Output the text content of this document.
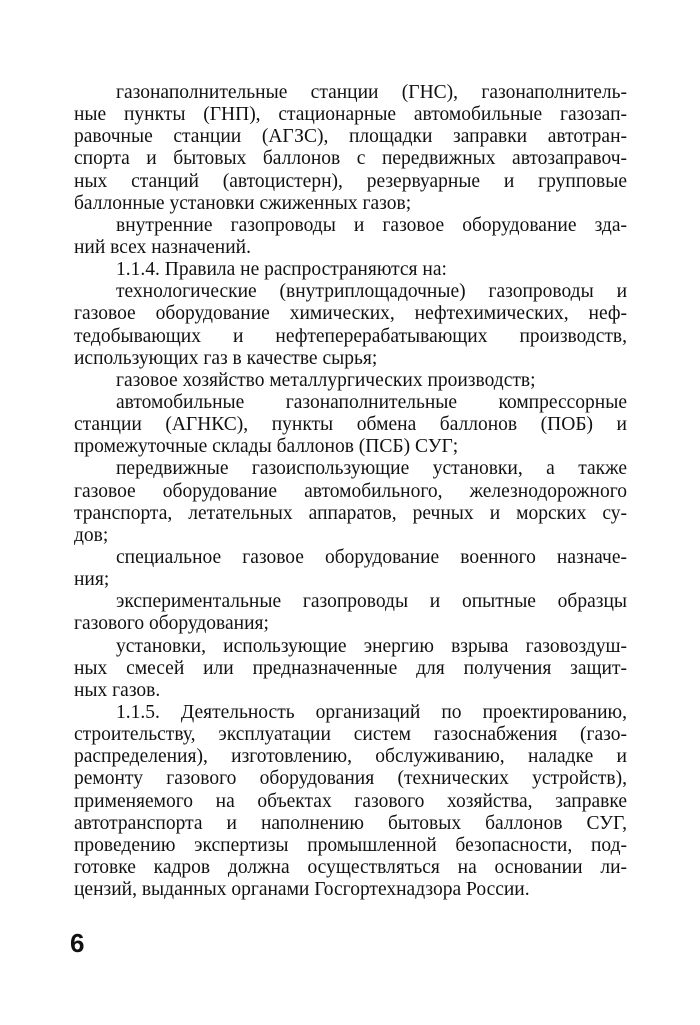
газонаполнительные станции (ГНС), газонаполнитель-
ные пункты (ГНП), стационарные автомобильные газозап-
равочные станции (АГЗС), площадки заправки автотран-
спорта и бытовых баллонов с передвижных автозаправоч-
ных станций (автоцистерн), резервуарные и групповые
баллонные установки сжиженных газов;
внутренние газопроводы и газовое оборудование зда-
ний всех назначений.
1.1.4. Правила не распространяются на:
технологические (внутриплощадочные) газопроводы и
газовое оборудование химических, нефтехимических, неф-
тедобывающих и нефтеперерабатывающих производств,
использующих газ в качестве сырья;
газовое хозяйство металлургических производств;
автомобильные газонаполнительные компрессорные
станции (АГНКС), пункты обмена баллонов (ПОБ) и
промежуточные склады баллонов (ПСБ) СУГ;
передвижные газоиспользующие установки, а также
газовое оборудование автомобильного, железнодорожного
транспорта, летательных аппаратов, речных и морских су-
дов;
специальное газовое оборудование военного назначе-
ния;
экспериментальные газопроводы и опытные образцы
газового оборудования;
установки, использующие энергию взрыва газовоздуш-
ных смесей или предназначенные для получения защит-
ных газов.
1.1.5. Деятельность организаций по проектированию,
строительству, эксплуатации систем газоснабжения (газо-
распределения), изготовлению, обслуживанию, наладке и
ремонту газового оборудования (технических устройств),
применяемого на объектах газового хозяйства, заправке
автотранспорта и наполнению бытовых баллонов СУГ,
проведению экспертизы промышленной безопасности, под-
готовке кадров должна осуществляться на основании ли-
цензий, выданных органами Госгортехнадзора России.
6
